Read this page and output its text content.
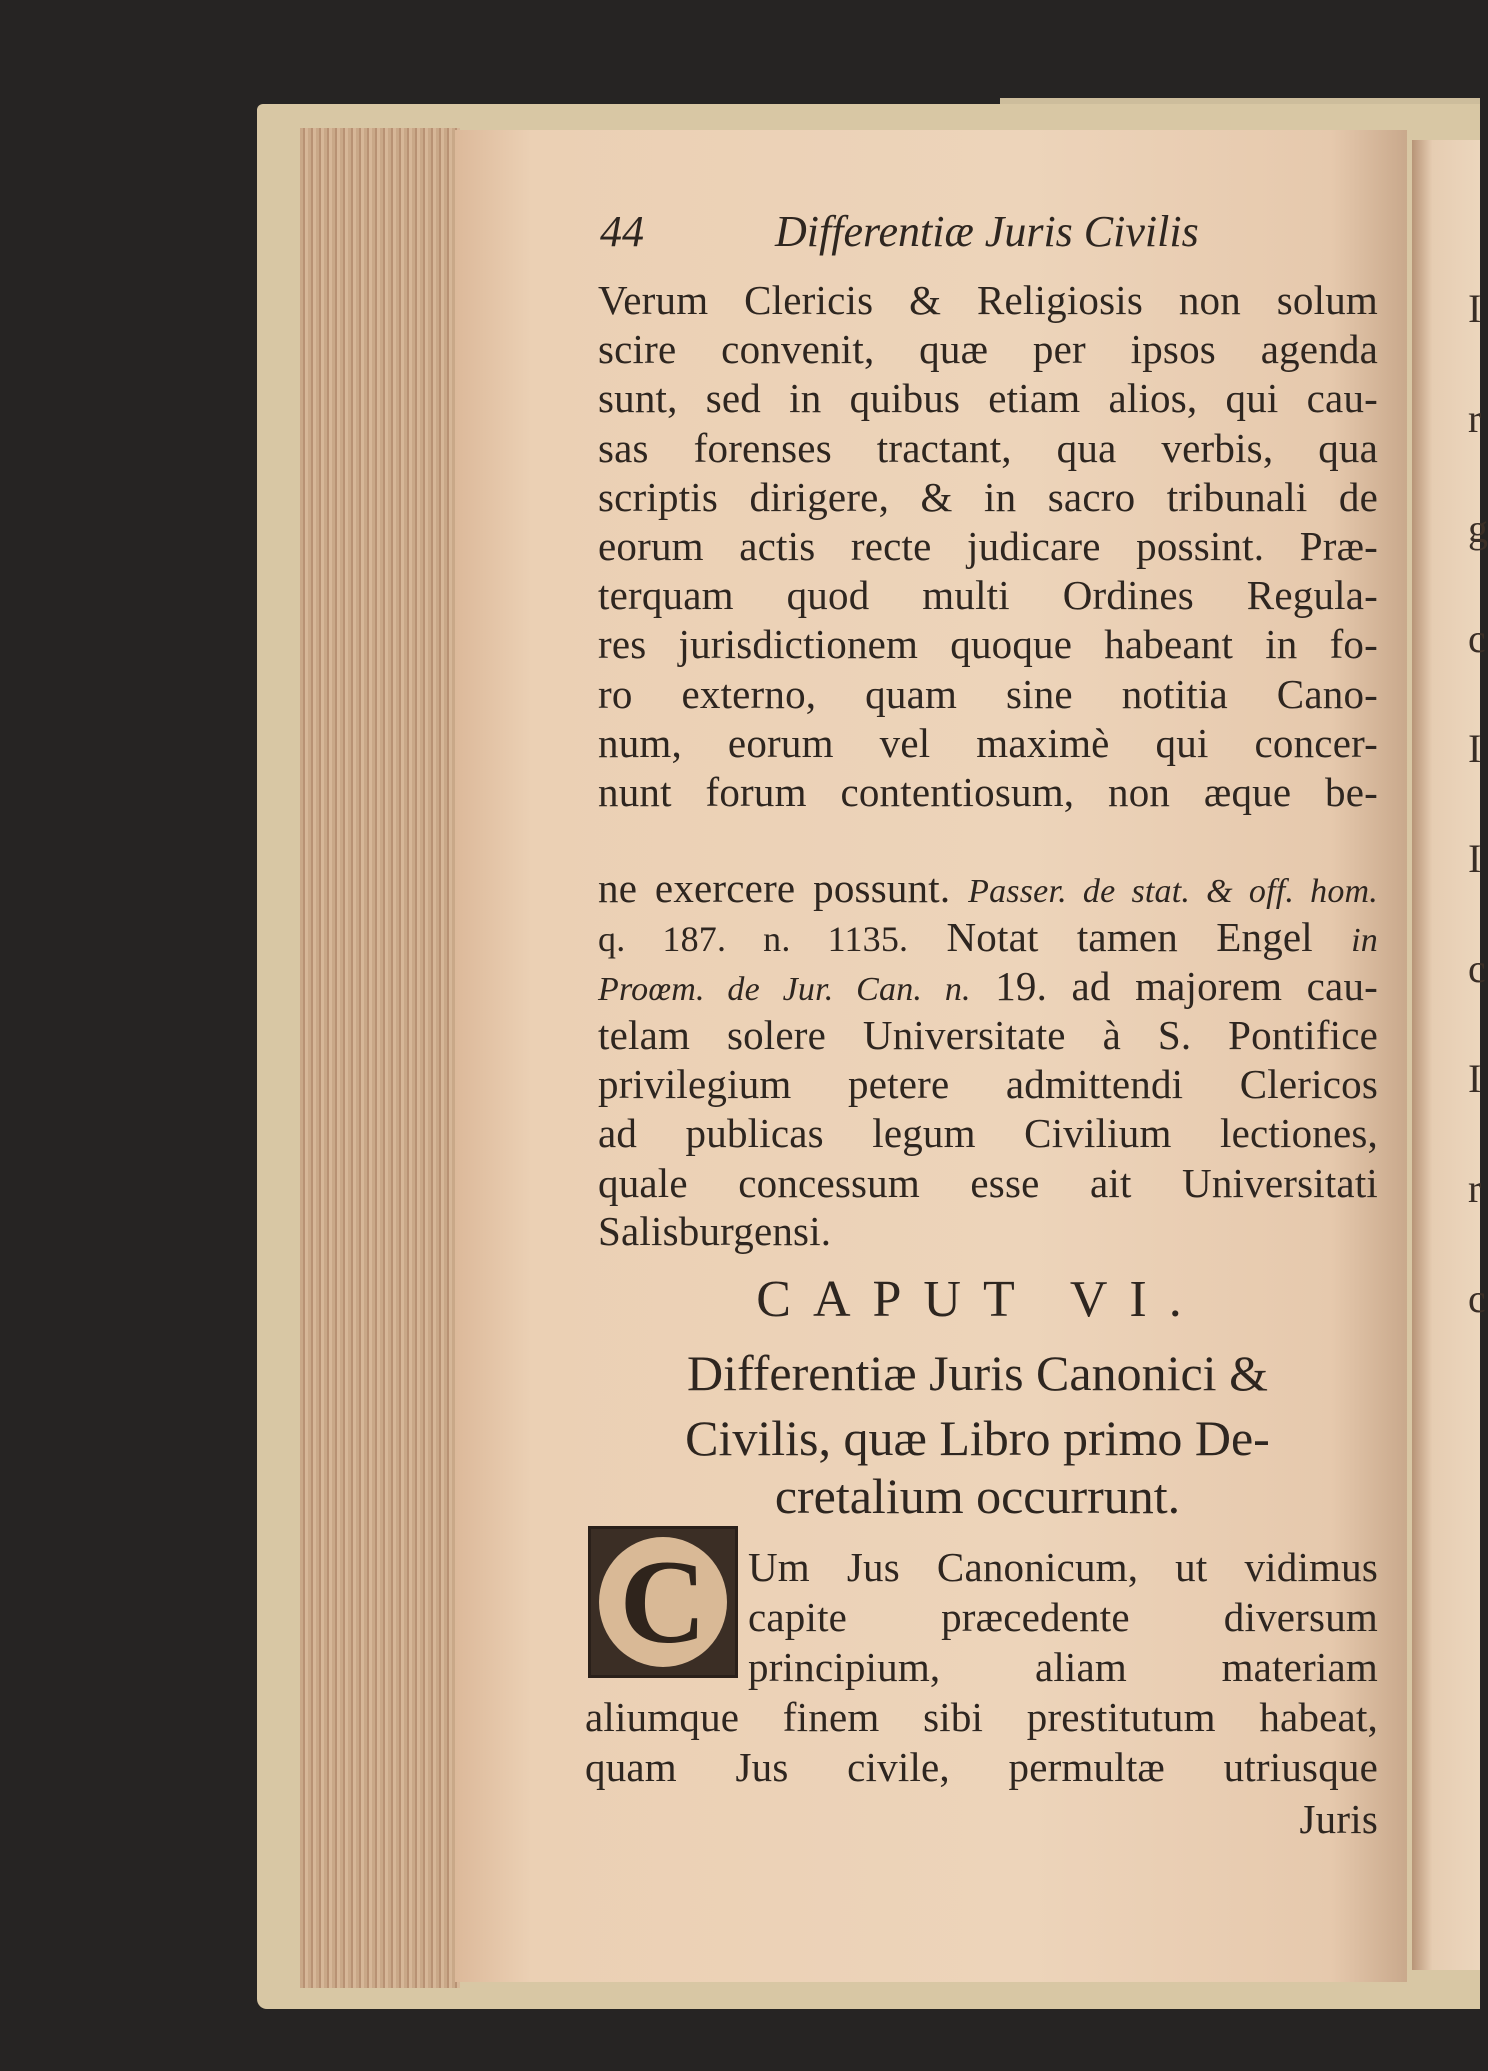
I
r
g
c
I
I
c
I
r
c
44	Differentiæ Juris Civilis
Verum Clericis & Religiosis non solum
scire convenit, quæ per ipsos agenda
sunt, sed in quibus etiam alios, qui cau-
sas forenses tractant, qua verbis, qua
scriptis dirigere, & in sacro tribunali de
eorum actis recte judicare possint. Præ-
terquam quod multi Ordines Regula-
res jurisdictionem quoque habeant in fo-
ro externo, quam sine notitia Cano-
num, eorum vel maximè qui concer-
nunt forum contentiosum, non æque be-
ne exercere possunt. Passer. de stat. & off. hom.
q. 187. n. 1135. Notat tamen Engel in
Proœm. de Jur. Can. n. 19. ad majorem cau-
telam solere Universitate à S. Pontifice
privilegium petere admittendi Clericos
ad publicas legum Civilium lectiones,
quale concessum esse ait Universitati
Salisburgensi.
CAPUT VI.
Differentiæ Juris Canonici &
Civilis, quæ Libro primo De-
cretalium occurrunt.
C	Um Jus Canonicum, ut vidimus
capite præcedente diversum
principium, aliam materiam
aliumque finem sibi prestitutum habeat,
quam Jus civile, permultæ utriusque
Juris
